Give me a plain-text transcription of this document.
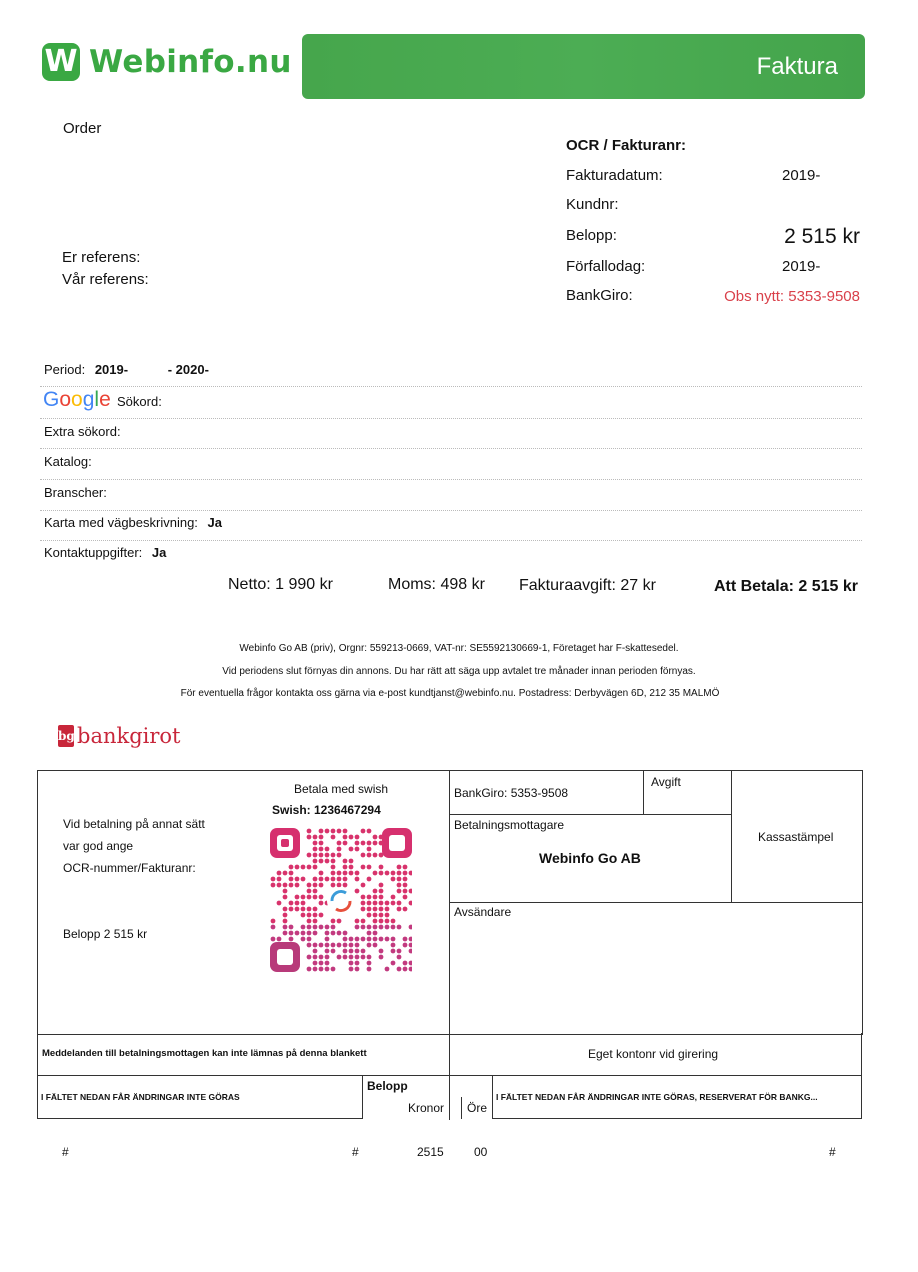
W Webinfo.nu	Faktura
Order
Er referens:
Vår referens:
OCR / Fakturanr:
Fakturadatum:	2019-
Kundnr:
Belopp:	2 515 kr
Förfallodag:	2019-
BankGiro:	Obs nytt: 5353-9508
Period: 2019-	- 2020-
Google Sökord:
Extra sökord:
Katalog:
Branscher:
Karta med vägbeskrivning: Ja
Kontaktuppgifter: Ja
Netto: 1 990 kr	Moms: 498 kr Fakturaavgift: 27 kr	Att Betala: 2 515 kr
Webinfo Go AB (priv), Orgnr: 559213-0669, VAT-nr: SE5592130669-1, Företaget har F-skattesedel.
Vid periodens slut förnyas din annons. Du har rätt att säga upp avtalet tre månader innan perioden förnyas.
För eventuella frågor kontakta oss gärna via e-post kundtjanst@webinfo.nu. Postadress: Derbyvägen 6D, 212 35 MALMÖ
bg bankgirot
Vid betalning på annat sätt
var god ange
OCR-nummer/Fakturanr:
Belopp 2 515 kr
Betala med swish
Swish: 1236467294
BankGiro: 5353-9508
Avgift
Kassastämpel
Betalningsmottagare
Webinfo Go AB
Avsändare
Meddelanden till betalningsmottagen kan inte lämnas på denna blankett	Eget kontonr vid girering
I FÄLTET NEDAN FÅR ÄNDRINGAR INTE GÖRAS
Belopp
Kronor Öre
I FÄLTET NEDAN FÅR ÄNDRINGAR INTE GÖRAS, RESERVERAT FÖR BANKG...
#	#	2515	00	#
